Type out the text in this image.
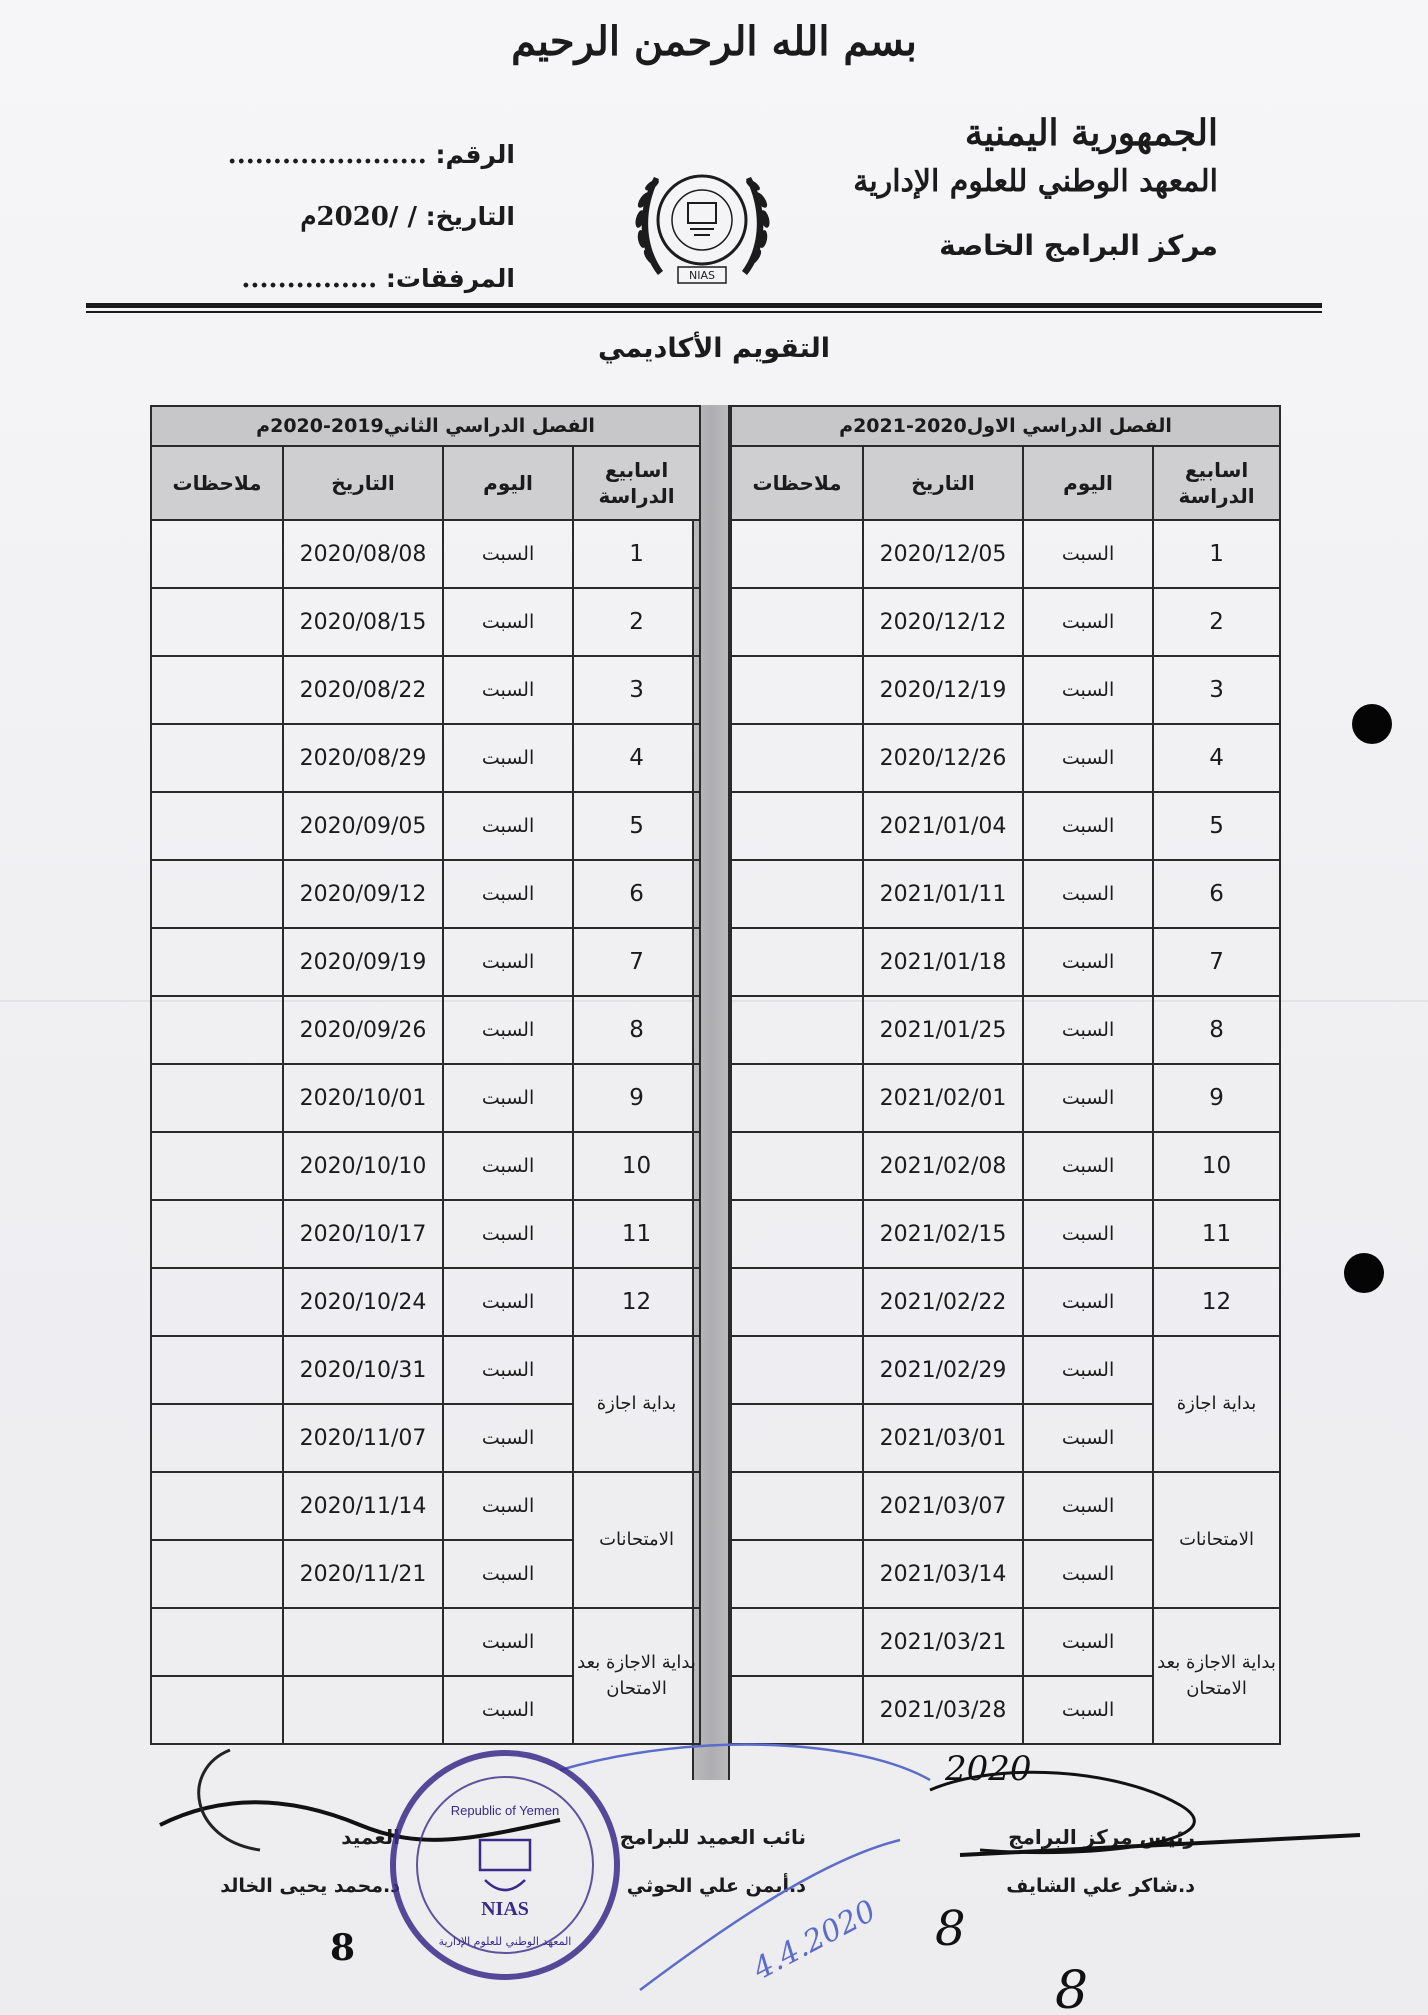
بسم الله الرحمن الرحيم
الجمهورية اليمنية
المعهد الوطني للعلوم الإدارية
مركز البرامج الخاصة
الرقم: ......................
التاريخ: / /2020م
المرفقات: ...............	NIAS
التقويم الأكاديمي
الفصل الدراسي الاول2020-2021م			
اسابيع الدراسة	اليوم	التاريخ	ملاحظات
1	السبت	2020/12/05	
2	السبت	2020/12/12	
3	السبت	2020/12/19	
4	السبت	2020/12/26	
5	السبت	2021/01/04	
6	السبت	2021/01/11	
7	السبت	2021/01/18	
8	السبت	2021/01/25	
9	السبت	2021/02/01	
10	السبت	2021/02/08	
11	السبت	2021/02/15	
12	السبت	2021/02/22	
بداية اجازة	السبت	2021/02/29	
	السبت	2021/03/01	
الامتحانات	السبت	2021/03/07	
	السبت	2021/03/14	
بداية الاجازة بعد الامتحان	السبت	2021/03/21	
	السبت	2021/03/28	
الفصل الدراسي الثاني2019-2020م			
اسابيع الدراسة	اليوم	التاريخ	ملاحظات
1	السبت	2020/08/08	
2	السبت	2020/08/15	
3	السبت	2020/08/22	
4	السبت	2020/08/29	
5	السبت	2020/09/05	
6	السبت	2020/09/12	
7	السبت	2020/09/19	
8	السبت	2020/09/26	
9	السبت	2020/10/01	
10	السبت	2020/10/10	
11	السبت	2020/10/17	
12	السبت	2020/10/24	
بداية اجازة	السبت	2020/10/31	
	السبت	2020/11/07	
الامتحانات	السبت	2020/11/14	
	السبت	2020/11/21	
بداية الاجازة بعد الامتحان	السبت		
	السبت		
رئيس مركز البرامج
د.شاكر علي الشايف
نائب العميد للبرامج
د.أيمن علي الحوثي
العميد
د.محمد يحيى الخالد
2020
4.4.2020 8
8
8
Republic of Yemen
NIAS
المعهد الوطني للعلوم الإدارية
